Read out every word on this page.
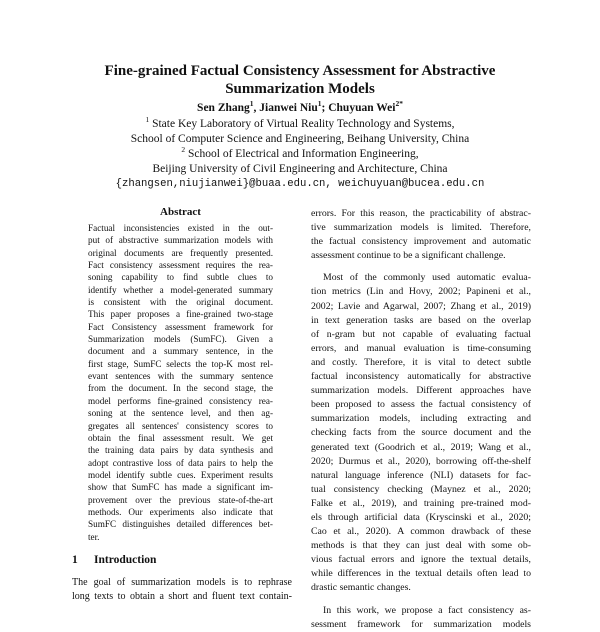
Fine-grained Factual Consistency Assessment for Abstractive
Summarization Models
Sen Zhang$^1$, Jianwei Niu$^1$; Chuyuan Wei$^{2*}$
$^1$ State Key Laboratory of Virtual Reality Technology and Systems,
School of Computer Science and Engineering, Beihang University, China
$^2$ School of Electrical and Information Engineering,
Beijing University of Civil Engineering and Architecture, China
{zhangsen,niujianwei}@buaa.edu.cn, weichuyuan@bucea.edu.cn
Abstract
Factual inconsistencies existed in the out-
put of abstractive summarization models with
original documents are frequently presented.
Fact consistency assessment requires the rea-
soning capability to find subtle clues to
identify whether a model-generated summary
is consistent with the original document.
This paper proposes a fine-grained two-stage
Fact Consistency assessment framework for
Summarization models (SumFC). Given a
document and a summary sentence, in the
first stage, SumFC selects the top-K most rel-
evant sentences with the summary sentence
from the document. In the second stage, the
model performs fine-grained consistency rea-
soning at the sentence level, and then ag-
gregates all sentences' consistency scores to
obtain the final assessment result. We get
the training data pairs by data synthesis and
adopt contrastive loss of data pairs to help the
model identify subtle cues. Experiment results
show that SumFC has made a significant im-
provement over the previous state-of-the-art
methods. Our experiments also indicate that
SumFC distinguishes detailed differences bet-
ter.
1 Introduction
The goal of summarization models is to rephrase
long texts to obtain a short and fluent text contain-
errors. For this reason, the practicability of abstrac-
tive summarization models is limited. Therefore,
the factual consistency improvement and automatic
assessment continue to be a significant challenge.
Most of the commonly used automatic evalua-
tion metrics (Lin and Hovy, 2002; Papineni et al.,
2002; Lavie and Agarwal, 2007; Zhang et al., 2019)
in text generation tasks are based on the overlap
of n-gram but not capable of evaluating factual
errors, and manual evaluation is time-consuming
and costly. Therefore, it is vital to detect subtle
factual inconsistency automatically for abstractive
summarization models. Different approaches have
been proposed to assess the factual consistency of
summarization models, including extracting and
checking facts from the source document and the
generated text (Goodrich et al., 2019; Wang et al.,
2020; Durmus et al., 2020), borrowing off-the-shelf
natural language inference (NLI) datasets for fac-
tual consistency checking (Maynez et al., 2020;
Falke et al., 2019), and training pre-trained mod-
els through artificial data (Kryscinski et al., 2020;
Cao et al., 2020). A common drawback of these
methods is that they can just deal with some ob-
vious factual errors and ignore the textual details,
while differences in the textual details often lead to
drastic semantic changes.
In this work, we propose a fact consistency as-
sessment framework for summarization models
